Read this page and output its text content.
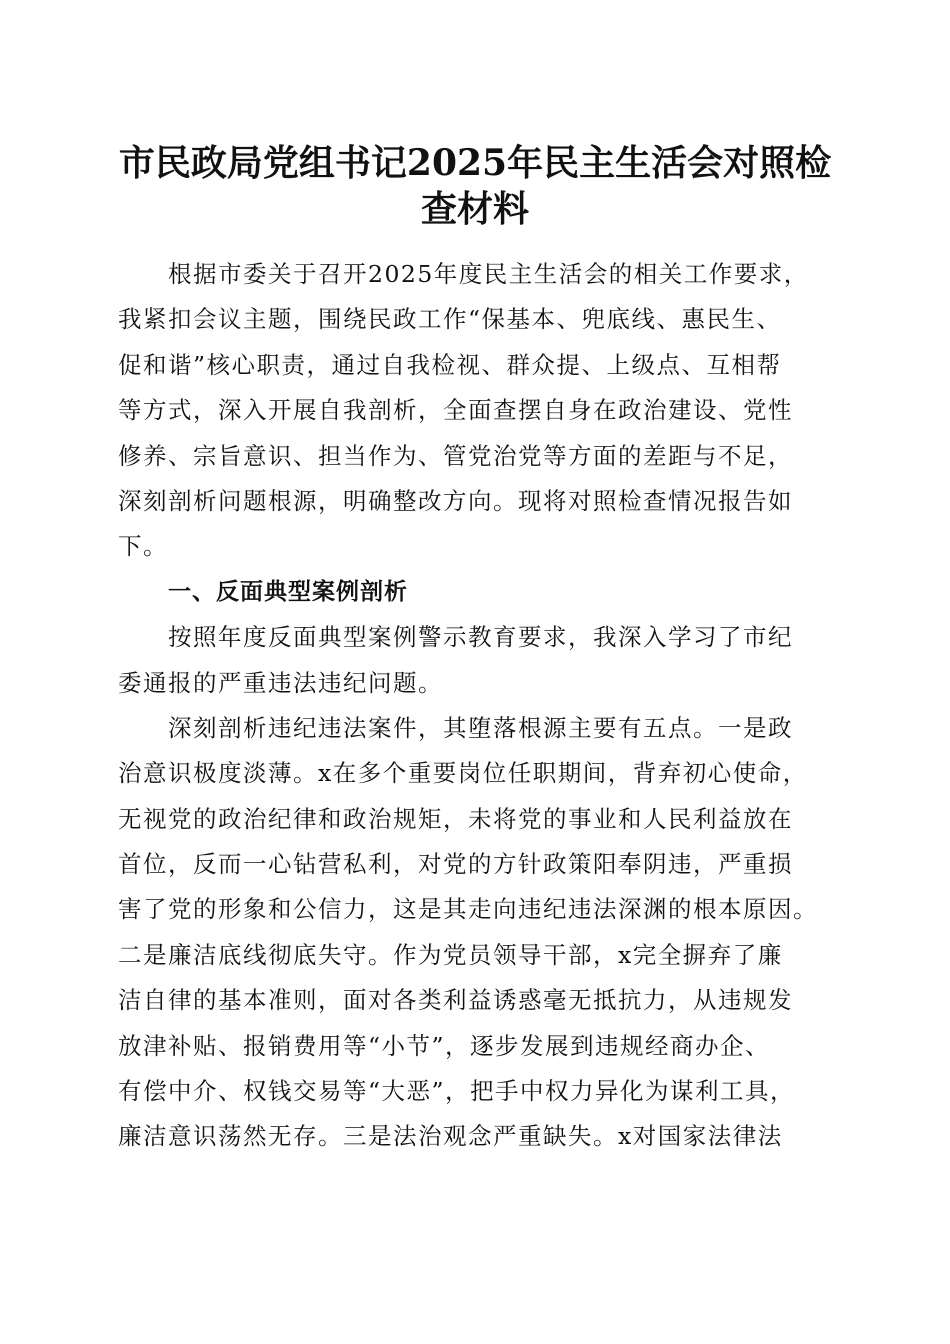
市民政局党组书记2025年民主生活会对照检
查材料
根据市委关于召开2025年度民主生活会的相关工作要求，
我紧扣会议主题，围绕民政工作“保基本、兜底线、惠民生、
促和谐”核心职责，通过自我检视、群众提、上级点、互相帮
等方式，深入开展自我剖析，全面查摆自身在政治建设、党性
修养、宗旨意识、担当作为、管党治党等方面的差距与不足，
深刻剖析问题根源，明确整改方向。现将对照检查情况报告如
下。
一、反面典型案例剖析
按照年度反面典型案例警示教育要求，我深入学习了市纪
委通报的严重违法违纪问题。
深刻剖析违纪违法案件，其堕落根源主要有五点。一是政
治意识极度淡薄。x在多个重要岗位任职期间，背弃初心使命，
无视党的政治纪律和政治规矩，未将党的事业和人民利益放在
首位，反而一心钻营私利，对党的方针政策阳奉阴违，严重损
害了党的形象和公信力，这是其走向违纪违法深渊的根本原因。
二是廉洁底线彻底失守。作为党员领导干部，x完全摒弃了廉
洁自律的基本准则，面对各类利益诱惑毫无抵抗力，从违规发
放津补贴、报销费用等“小节”，逐步发展到违规经商办企、
有偿中介、权钱交易等“大恶”，把手中权力异化为谋利工具，
廉洁意识荡然无存。三是法治观念严重缺失。x对国家法律法
